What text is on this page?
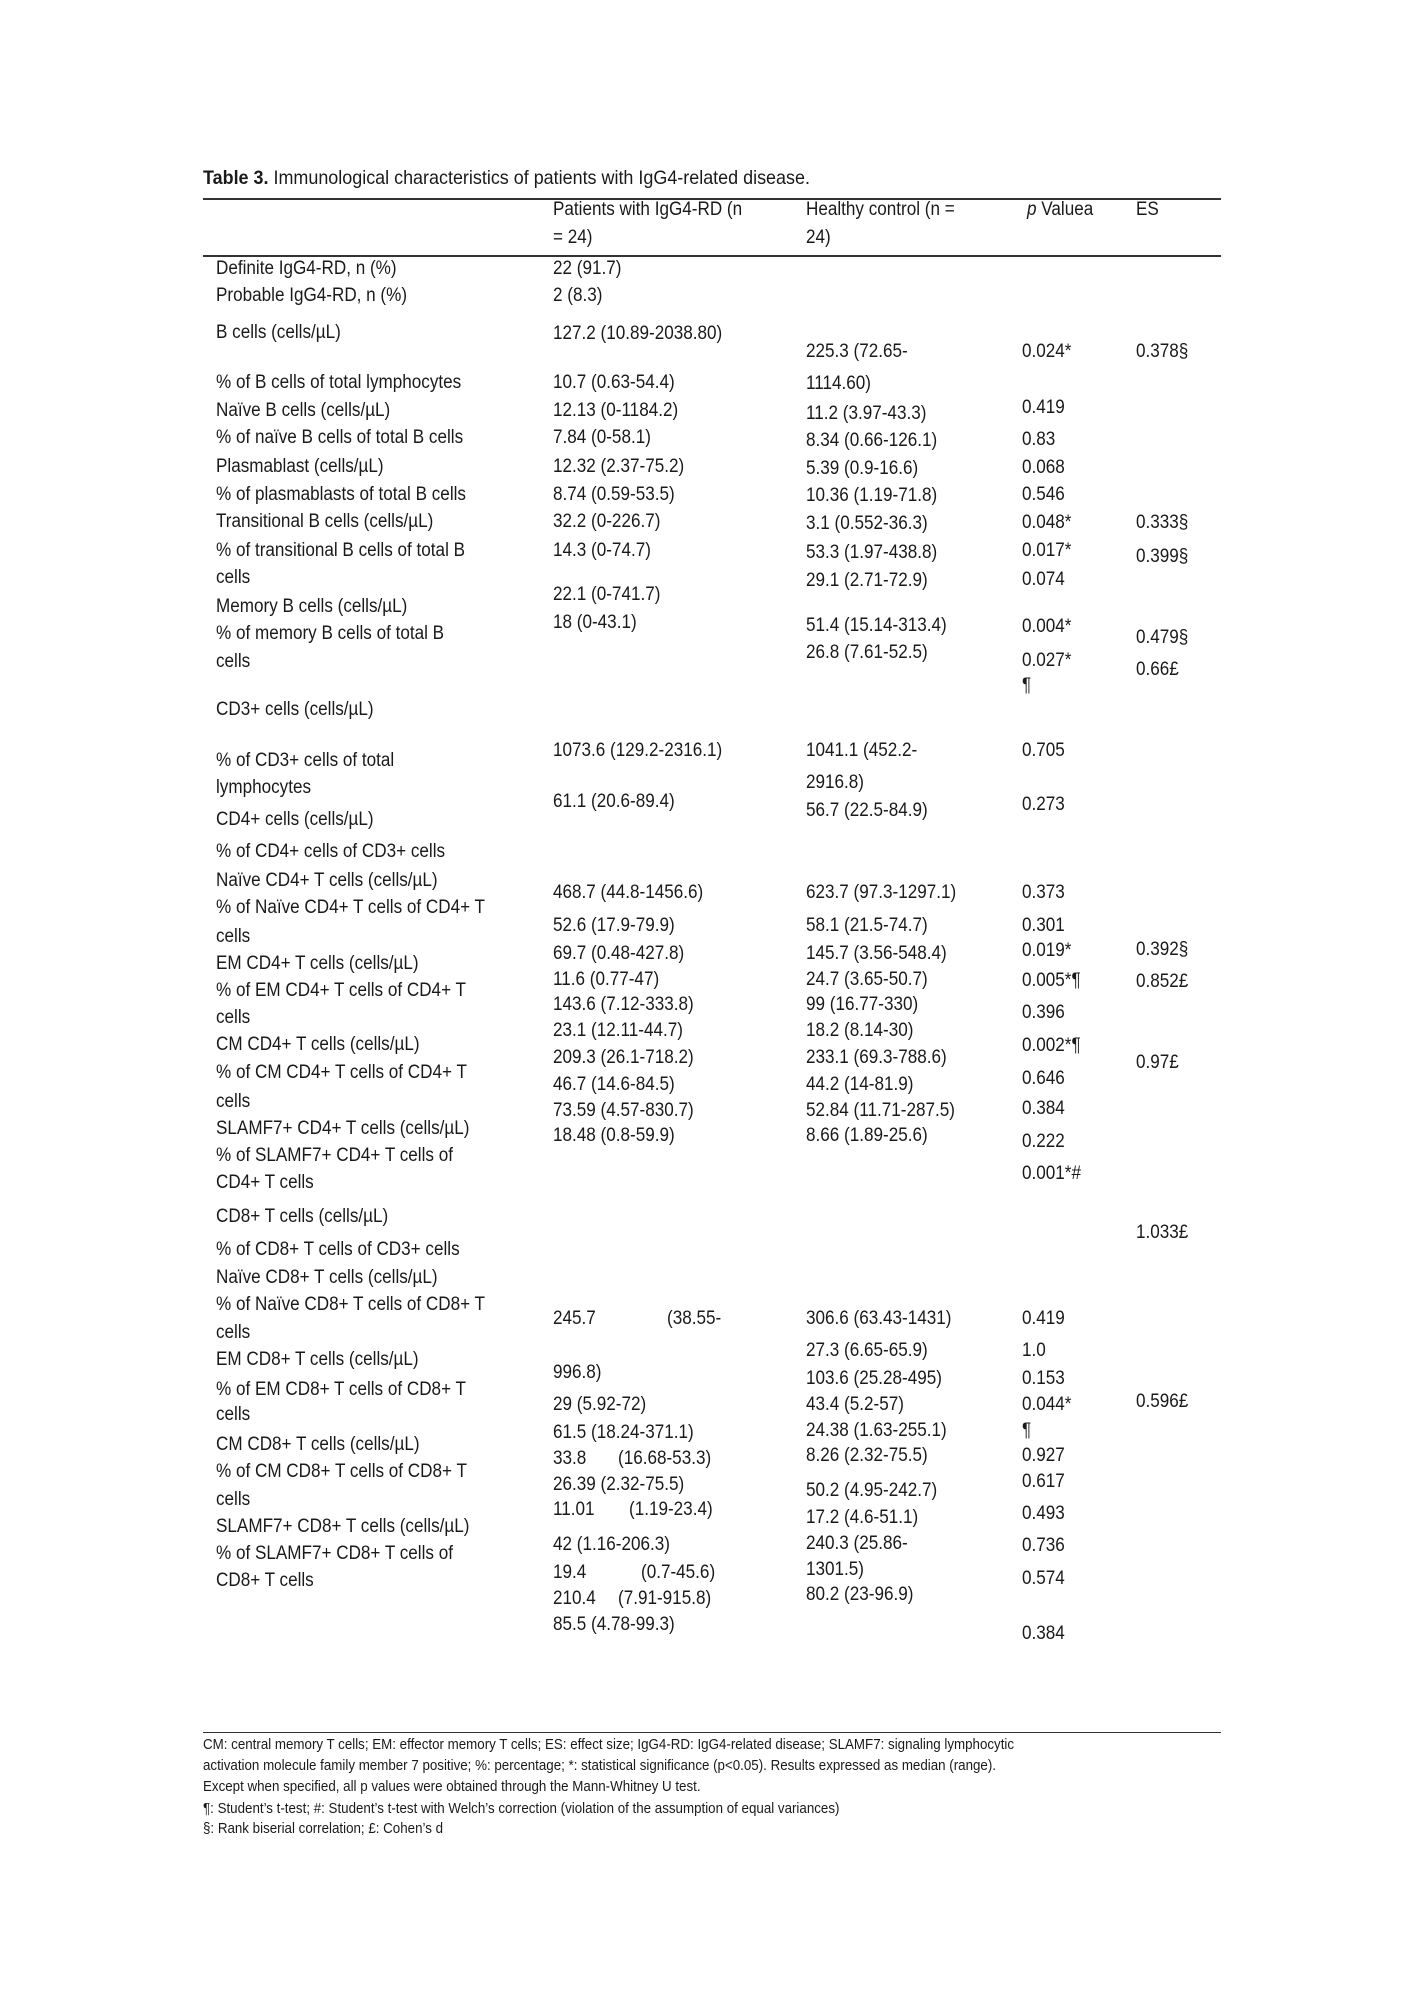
Table 3. Immunological characteristics of patients with IgG4-related disease.
Patients with IgG4-RD (n
= 24)
Healthy control (n =
24)
p Valuea ES
Definite IgG4-RD, n (%)
Probable IgG4-RD, n (%)
B cells (cells/µL)
% of B cells of total lymphocytes
Naïve B cells (cells/µL)
% of naïve B cells of total B cells
Plasmablast (cells/µL)
% of plasmablasts of total B cells
Transitional B cells (cells/µL)
% of transitional B cells of total B
cells
Memory B cells (cells/µL)
% of memory B cells of total B
cells
CD3+ cells (cells/µL)
% of CD3+ cells of total
lymphocytes
CD4+ cells (cells/µL)
% of CD4+ cells of CD3+ cells
Naïve CD4+ T cells (cells/µL)
% of Naïve CD4+ T cells of CD4+ T
cells
EM CD4+ T cells (cells/µL)
% of EM CD4+ T cells of CD4+ T
cells
CM CD4+ T cells (cells/µL)
% of CM CD4+ T cells of CD4+ T
cells
SLAMF7+ CD4+ T cells (cells/µL)
% of SLAMF7+ CD4+ T cells of
CD4+ T cells
CD8+ T cells (cells/µL)
% of CD8+ T cells of CD3+ cells
Naïve CD8+ T cells (cells/µL)
% of Naïve CD8+ T cells of CD8+ T
cells
EM CD8+ T cells (cells/µL)
% of EM CD8+ T cells of CD8+ T
cells
CM CD8+ T cells (cells/µL)
% of CM CD8+ T cells of CD8+ T
cells
SLAMF7+ CD8+ T cells (cells/µL)
% of SLAMF7+ CD8+ T cells of
CD8+ T cells
22 (91.7)
2 (8.3)
127.2 (10.89-2038.80)
10.7 (0.63-54.4)
12.13 (0-1184.2)
7.84 (0-58.1)
12.32 (2.37-75.2)
8.74 (0.59-53.5)
32.2 (0-226.7)
14.3 (0-74.7)
22.1 (0-741.7)
18 (0-43.1)
1073.6 (129.2-2316.1)
61.1 (20.6-89.4)
468.7 (44.8-1456.6)
52.6 (17.9-79.9)
69.7 (0.48-427.8)
11.6 (0.77-47)
143.6 (7.12-333.8)
23.1 (12.11-44.7)
209.3 (26.1-718.2)
46.7 (14.6-84.5)
73.59 (4.57-830.7)
18.48 (0.8-59.9)
245.7	(38.55-
996.8)
29 (5.92-72)
61.5 (18.24-371.1)
33.8 (16.68-53.3)
26.39 (2.32-75.5)
11.01 (1.19-23.4)
42 (1.16-206.3)
19.4	(0.7-45.6)
210.4 (7.91-915.8)
85.5 (4.78-99.3)
225.3 (72.65-
1114.60)
11.2 (3.97-43.3)
8.34 (0.66-126.1)
5.39 (0.9-16.6)
10.36 (1.19-71.8)
3.1 (0.552-36.3)
53.3 (1.97-438.8)
29.1 (2.71-72.9)
51.4 (15.14-313.4)
26.8 (7.61-52.5)
1041.1 (452.2-
2916.8)
56.7 (22.5-84.9)
623.7 (97.3-1297.1)
58.1 (21.5-74.7)
145.7 (3.56-548.4)
24.7 (3.65-50.7)
99 (16.77-330)
18.2 (8.14-30)
233.1 (69.3-788.6)
44.2 (14-81.9)
52.84 (11.71-287.5)
8.66 (1.89-25.6)
306.6 (63.43-1431)
27.3 (6.65-65.9)
103.6 (25.28-495)
43.4 (5.2-57)
24.38 (1.63-255.1)
8.26 (2.32-75.5)
50.2 (4.95-242.7)
17.2 (4.6-51.1)
240.3 (25.86-
1301.5)
80.2 (23-96.9)
0.024*
0.419
0.83
0.068
0.546
0.048*
0.017*
0.074
0.004*
0.027*
¶
0.705
0.273
0.373
0.301
0.019*
0.005*¶
0.396
0.002*¶
0.646
0.384
0.222
0.001*#
0.419
1.0
0.153
0.044*
¶
0.927
0.617
0.493
0.736
0.574
0.384
0.378§
0.333§
0.399§
0.479§
0.66£
0.392§
0.852£
0.97£
1.033£
0.596£
CM: central memory T cells; EM: effector memory T cells; ES: effect size; IgG4-RD: IgG4-related disease; SLAMF7: signaling lymphocytic
activation molecule family member 7 positive; %: percentage; *: statistical significance (p<0.05). Results expressed as median (range).
Except when specified, all p values were obtained through the Mann-Whitney U test.
¶: Student’s t-test; #: Student’s t-test with Welch’s correction (violation of the assumption of equal variances)
§: Rank biserial correlation; £: Cohen’s d
